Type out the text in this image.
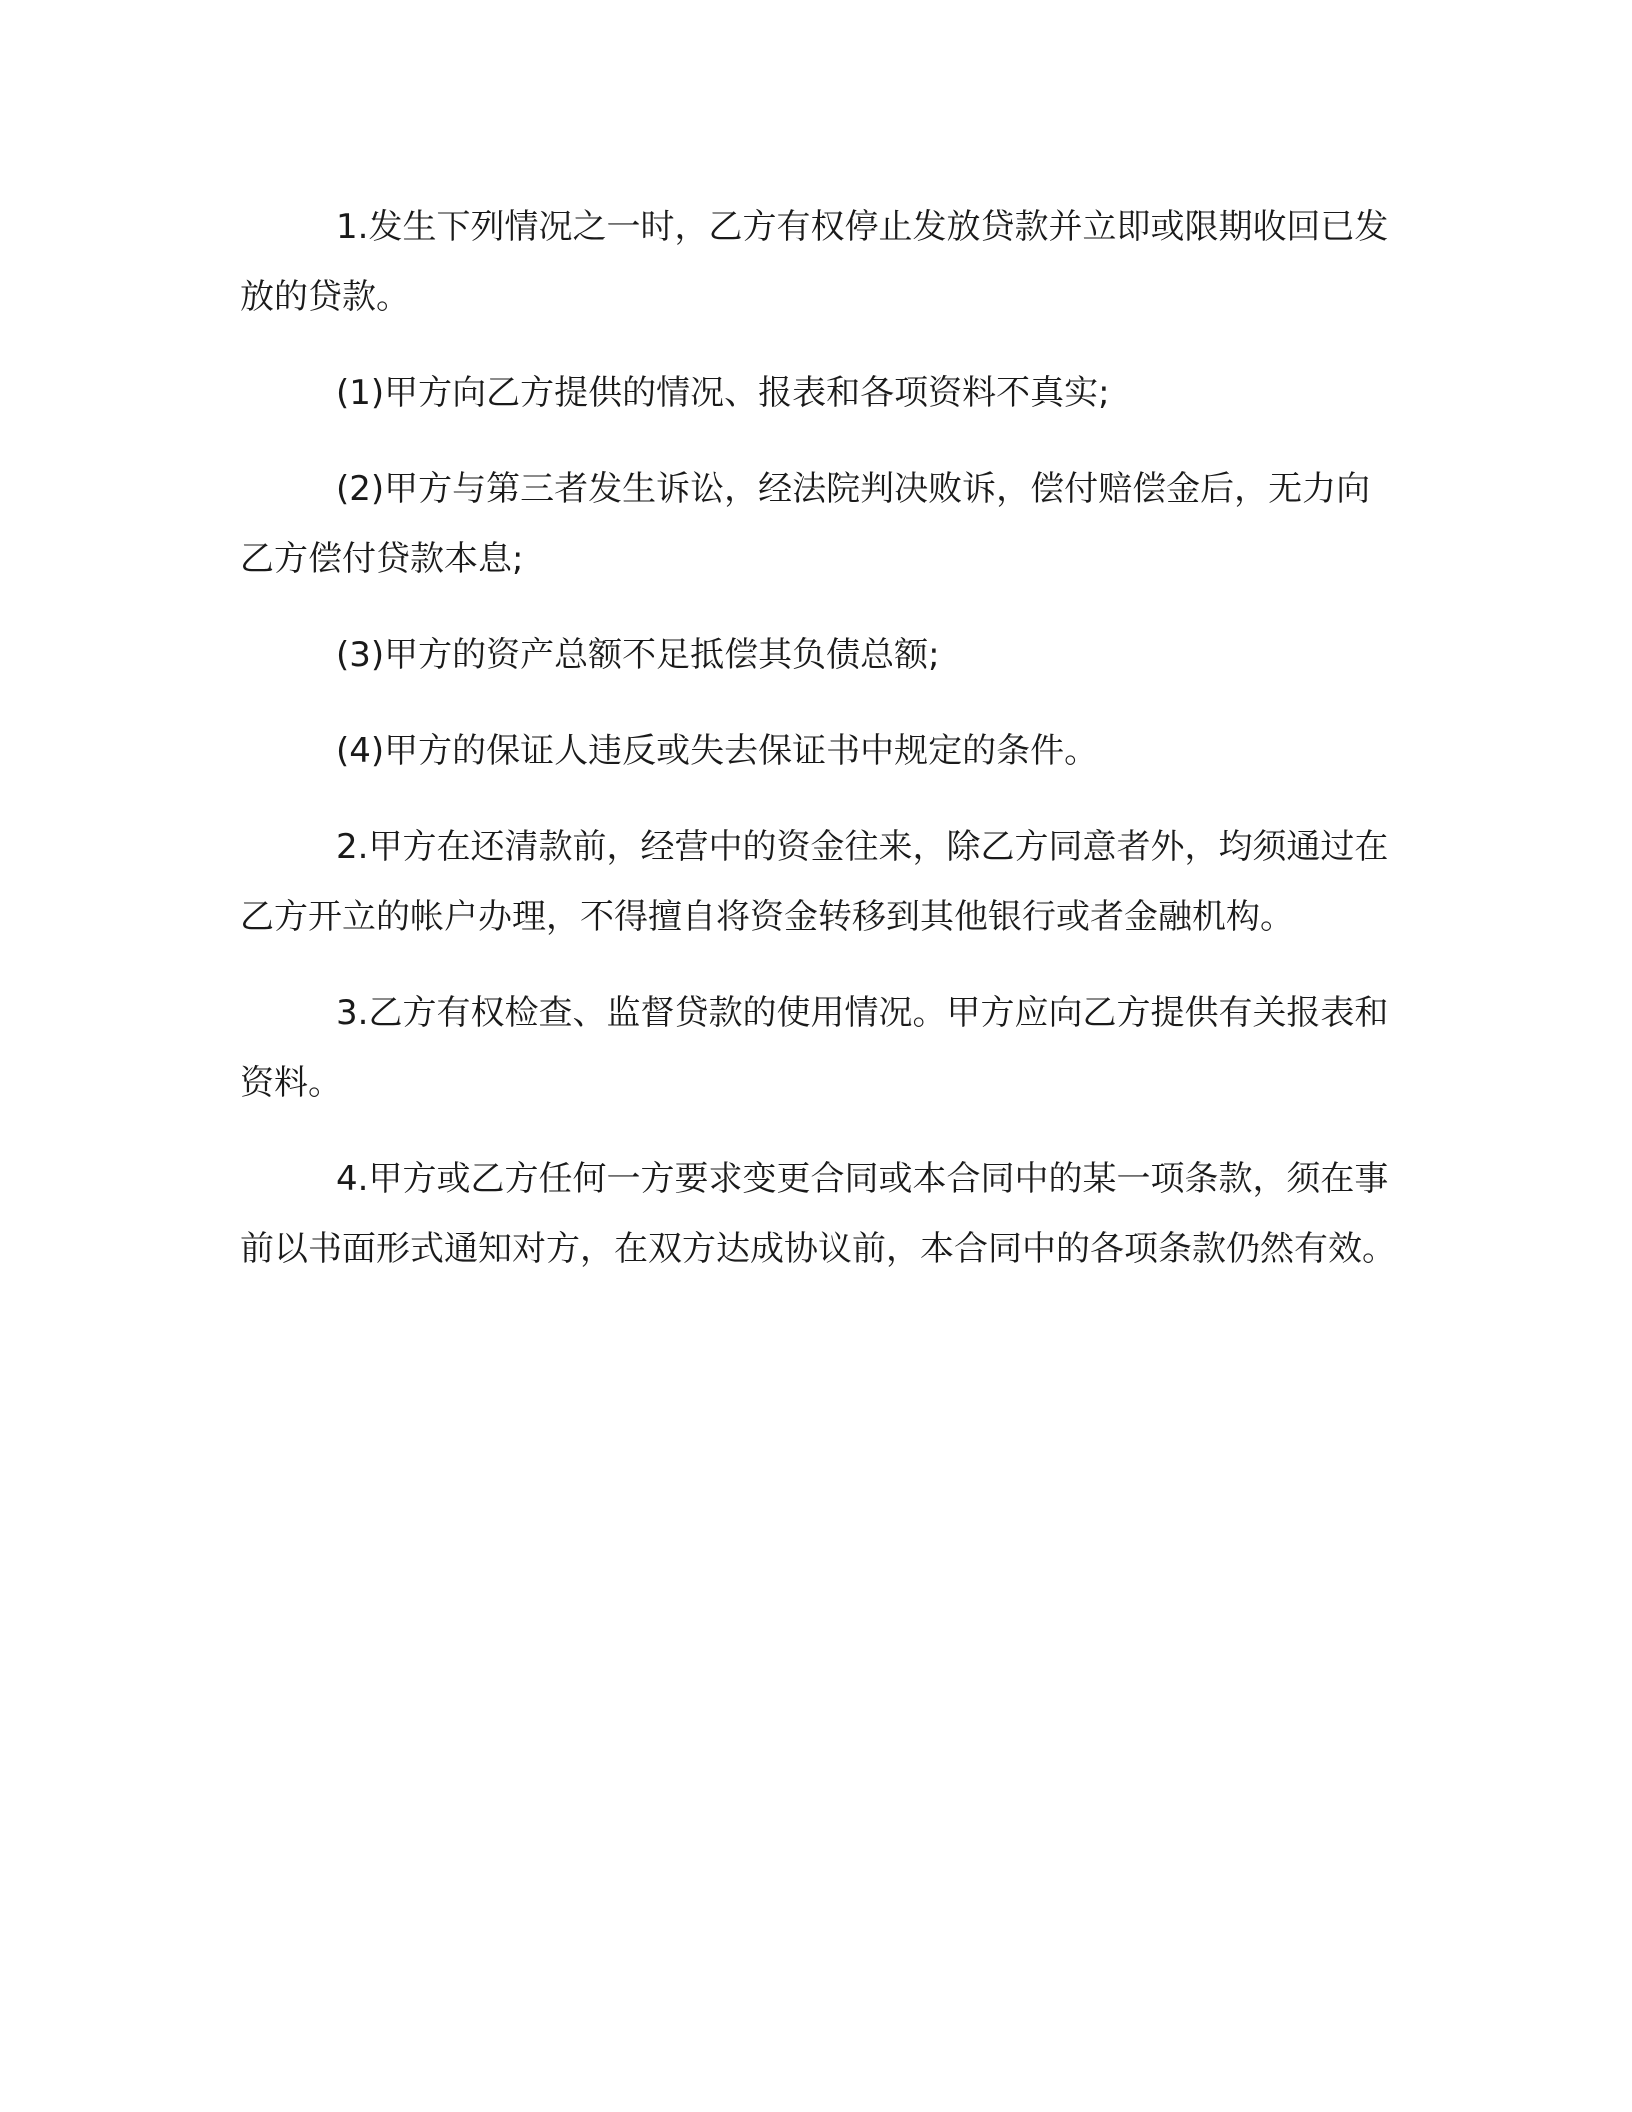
1.发生下列情况之一时，乙方有权停止发放贷款并立即或限期收回已发放的贷款。

(1)甲方向乙方提供的情况、报表和各项资料不真实;

(2)甲方与第三者发生诉讼，经法院判决败诉，偿付赔偿金后，无力向乙方偿付贷款本息;

(3)甲方的资产总额不足抵偿其负债总额;

(4)甲方的保证人违反或失去保证书中规定的条件。

2.甲方在还清款前，经营中的资金往来，除乙方同意者外，均须通过在乙方开立的帐户办理，不得擅自将资金转移到其他银行或者金融机构。

3.乙方有权检查、监督贷款的使用情况。甲方应向乙方提供有关报表和资料。

4.甲方或乙方任何一方要求变更合同或本合同中的某一项条款，须在事前以书面形式通知对方，在双方达成协议前，本合同中的各项条款仍然有效。
